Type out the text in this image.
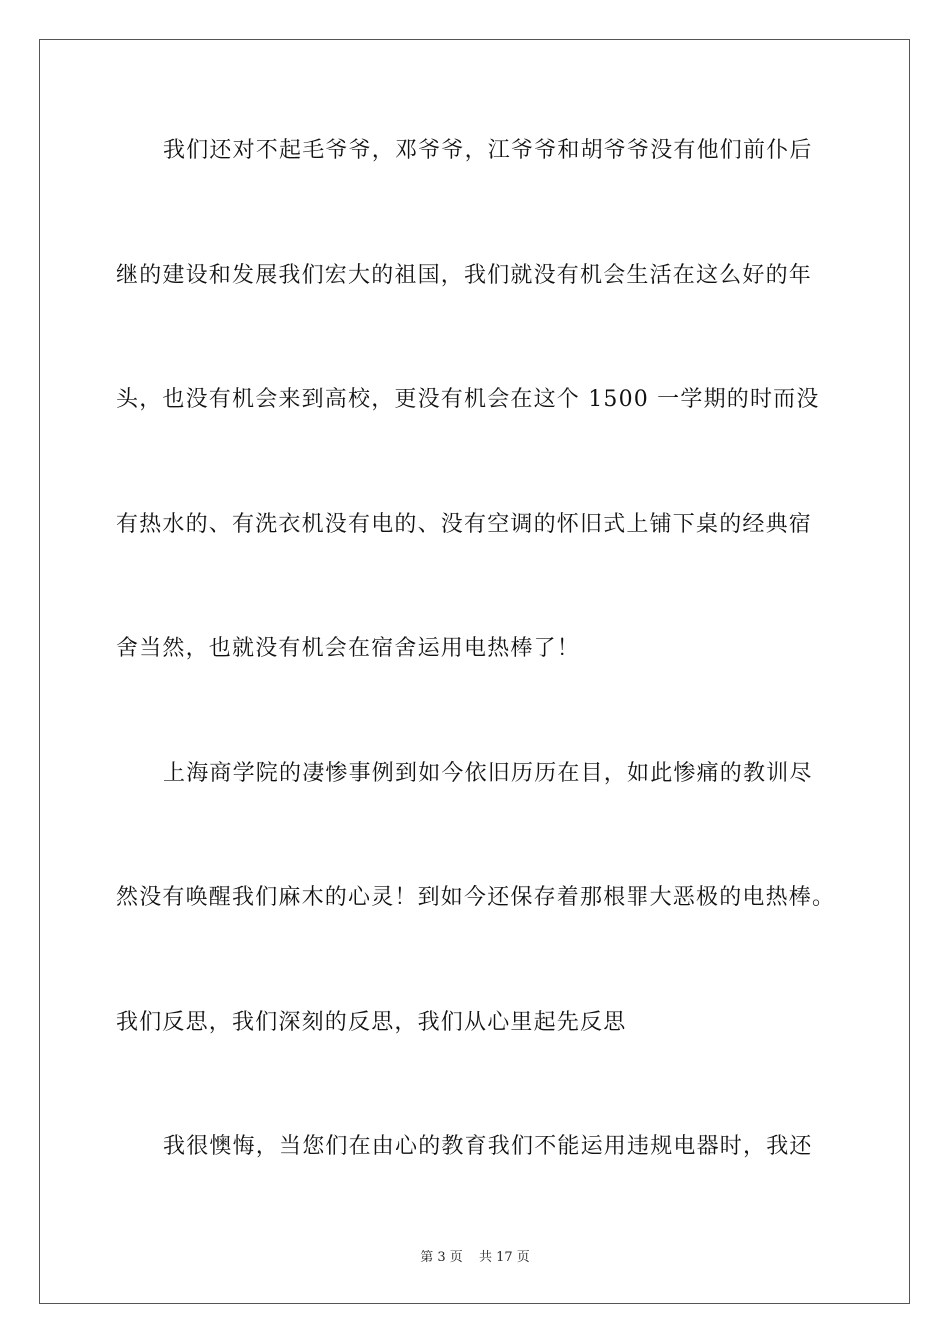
我们还对不起毛爷爷，邓爷爷，江爷爷和胡爷爷没有他们前仆后
继的建设和发展我们宏大的祖国，我们就没有机会生活在这么好的年
头，也没有机会来到高校，更没有机会在这个 1500 一学期的时而没
有热水的、有洗衣机没有电的、没有空调的怀旧式上铺下桌的经典宿
舍当然，也就没有机会在宿舍运用电热棒了！
上海商学院的凄惨事例到如今依旧历历在目，如此惨痛的教训尽
然没有唤醒我们麻木的心灵！到如今还保存着那根罪大恶极的电热棒。
我们反思，我们深刻的反思，我们从心里起先反思
我很懊悔，当您们在由心的教育我们不能运用违规电器时，我还
第 3 页 共 17 页
